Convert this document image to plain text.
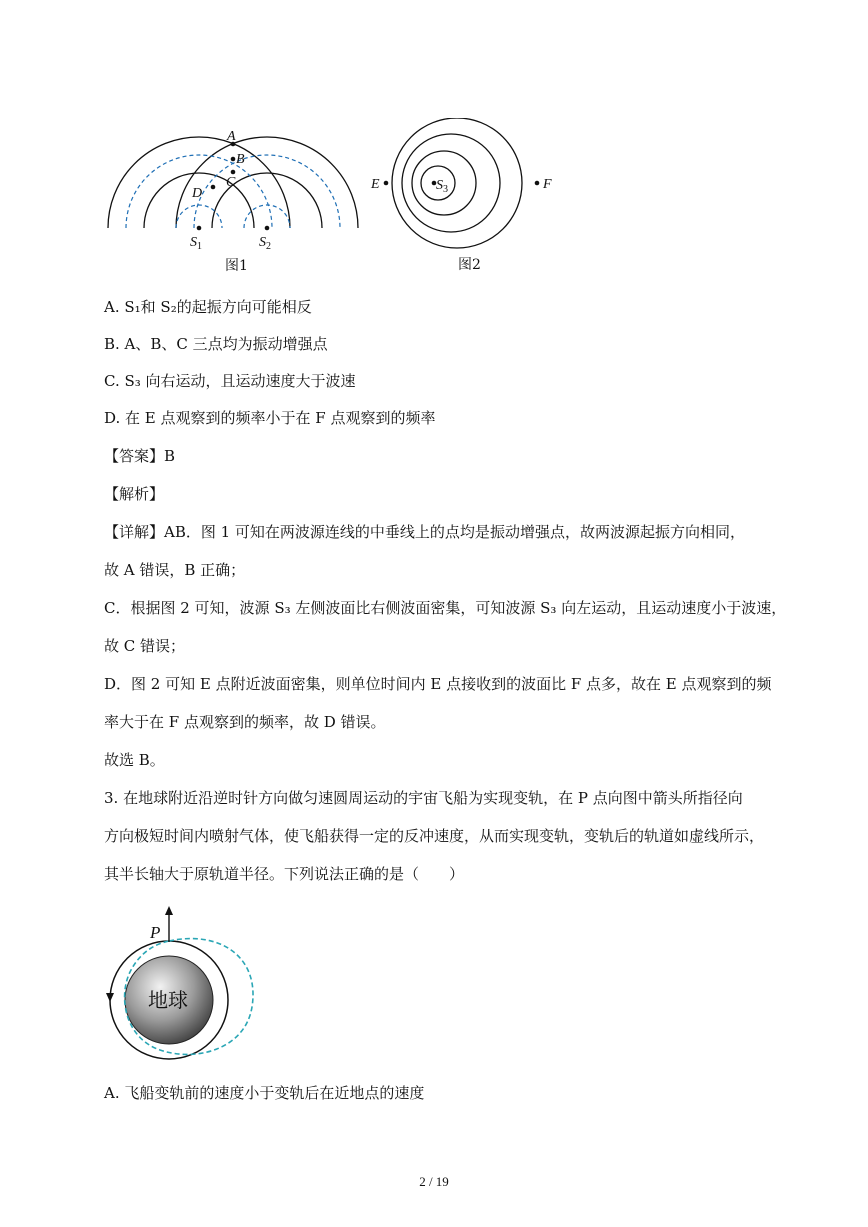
A
B
C
D
$S_1$	$S_2$
图1
E	F
$S_3$
图2
A. S₁和 S₂的起振方向可能相反
B. A、B、C 三点均为振动增强点
C. S₃ 向右运动，且运动速度大于波速
D. 在 E 点观察到的频率小于在 F 点观察到的频率
【答案】B
【解析】
【详解】AB．图 1 可知在两波源连线的中垂线上的点均是振动增强点，故两波源起振方向相同，
故 A 错误，B 正确；
C．根据图 2 可知，波源 S₃ 左侧波面比右侧波面密集，可知波源 S₃ 向左运动，且运动速度小于波速，
故 C 错误；
D．图 2 可知 E 点附近波面密集，则单位时间内 E 点接收到的波面比 F 点多，故在 E 点观察到的频
率大于在 F 点观察到的频率，故 D 错误。
故选 B。
3. 在地球附近沿逆时针方向做匀速圆周运动的宇宙飞船为实现变轨，在 P 点向图中箭头所指径向
方向极短时间内喷射气体，使飞船获得一定的反冲速度，从而实现变轨，变轨后的轨道如虚线所示，
其半长轴大于原轨道半径。下列说法正确的是（　　）
地球
P
A. 飞船变轨前的速度小于变轨后在近地点的速度
2 / 19
